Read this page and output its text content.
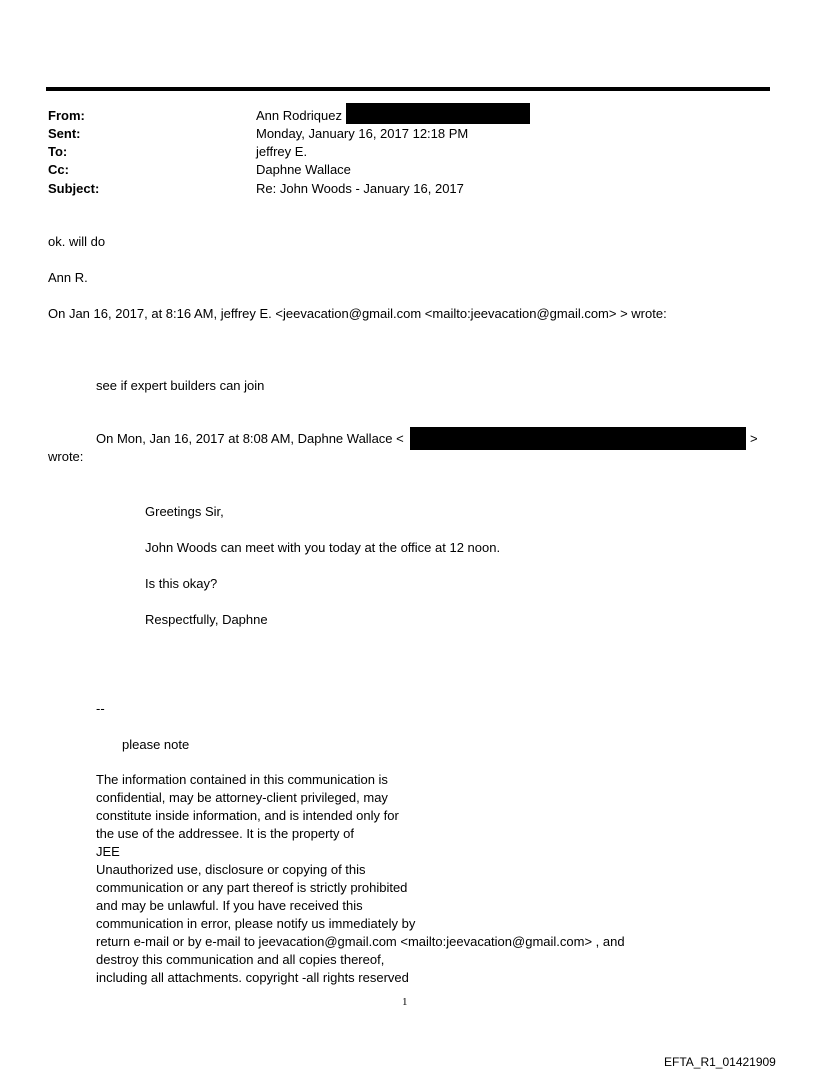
From:	Ann Rodriquez
Sent:	Monday, January 16, 2017 12:18 PM
To:	jeffrey E.
Cc:	Daphne Wallace
Subject:	Re: John Woods - January 16, 2017
ok. will do
Ann R.
On Jan 16, 2017, at 8:16 AM, jeffrey E. <jeevacation@gmail.com <mailto:jeevacation@gmail.com> > wrote:
see if expert builders can join
On Mon, Jan 16, 2017 at 8:08 AM, Daphne Wallace <	>
wrote:
Greetings Sir,
John Woods can meet with you today at the office at 12 noon.
Is this okay?
Respectfully, Daphne
--
please note
The information contained in this communication is
confidential, may be attorney-client privileged, may
constitute inside information, and is intended only for
the use of the addressee. It is the property of
JEE
Unauthorized use, disclosure or copying of this
communication or any part thereof is strictly prohibited
and may be unlawful. If you have received this
communication in error, please notify us immediately by
return e-mail or by e-mail to jeevacation@gmail.com <mailto:jeevacation@gmail.com> , and
destroy this communication and all copies thereof,
including all attachments. copyright -all rights reserved
1
EFTA_R1_01421909
